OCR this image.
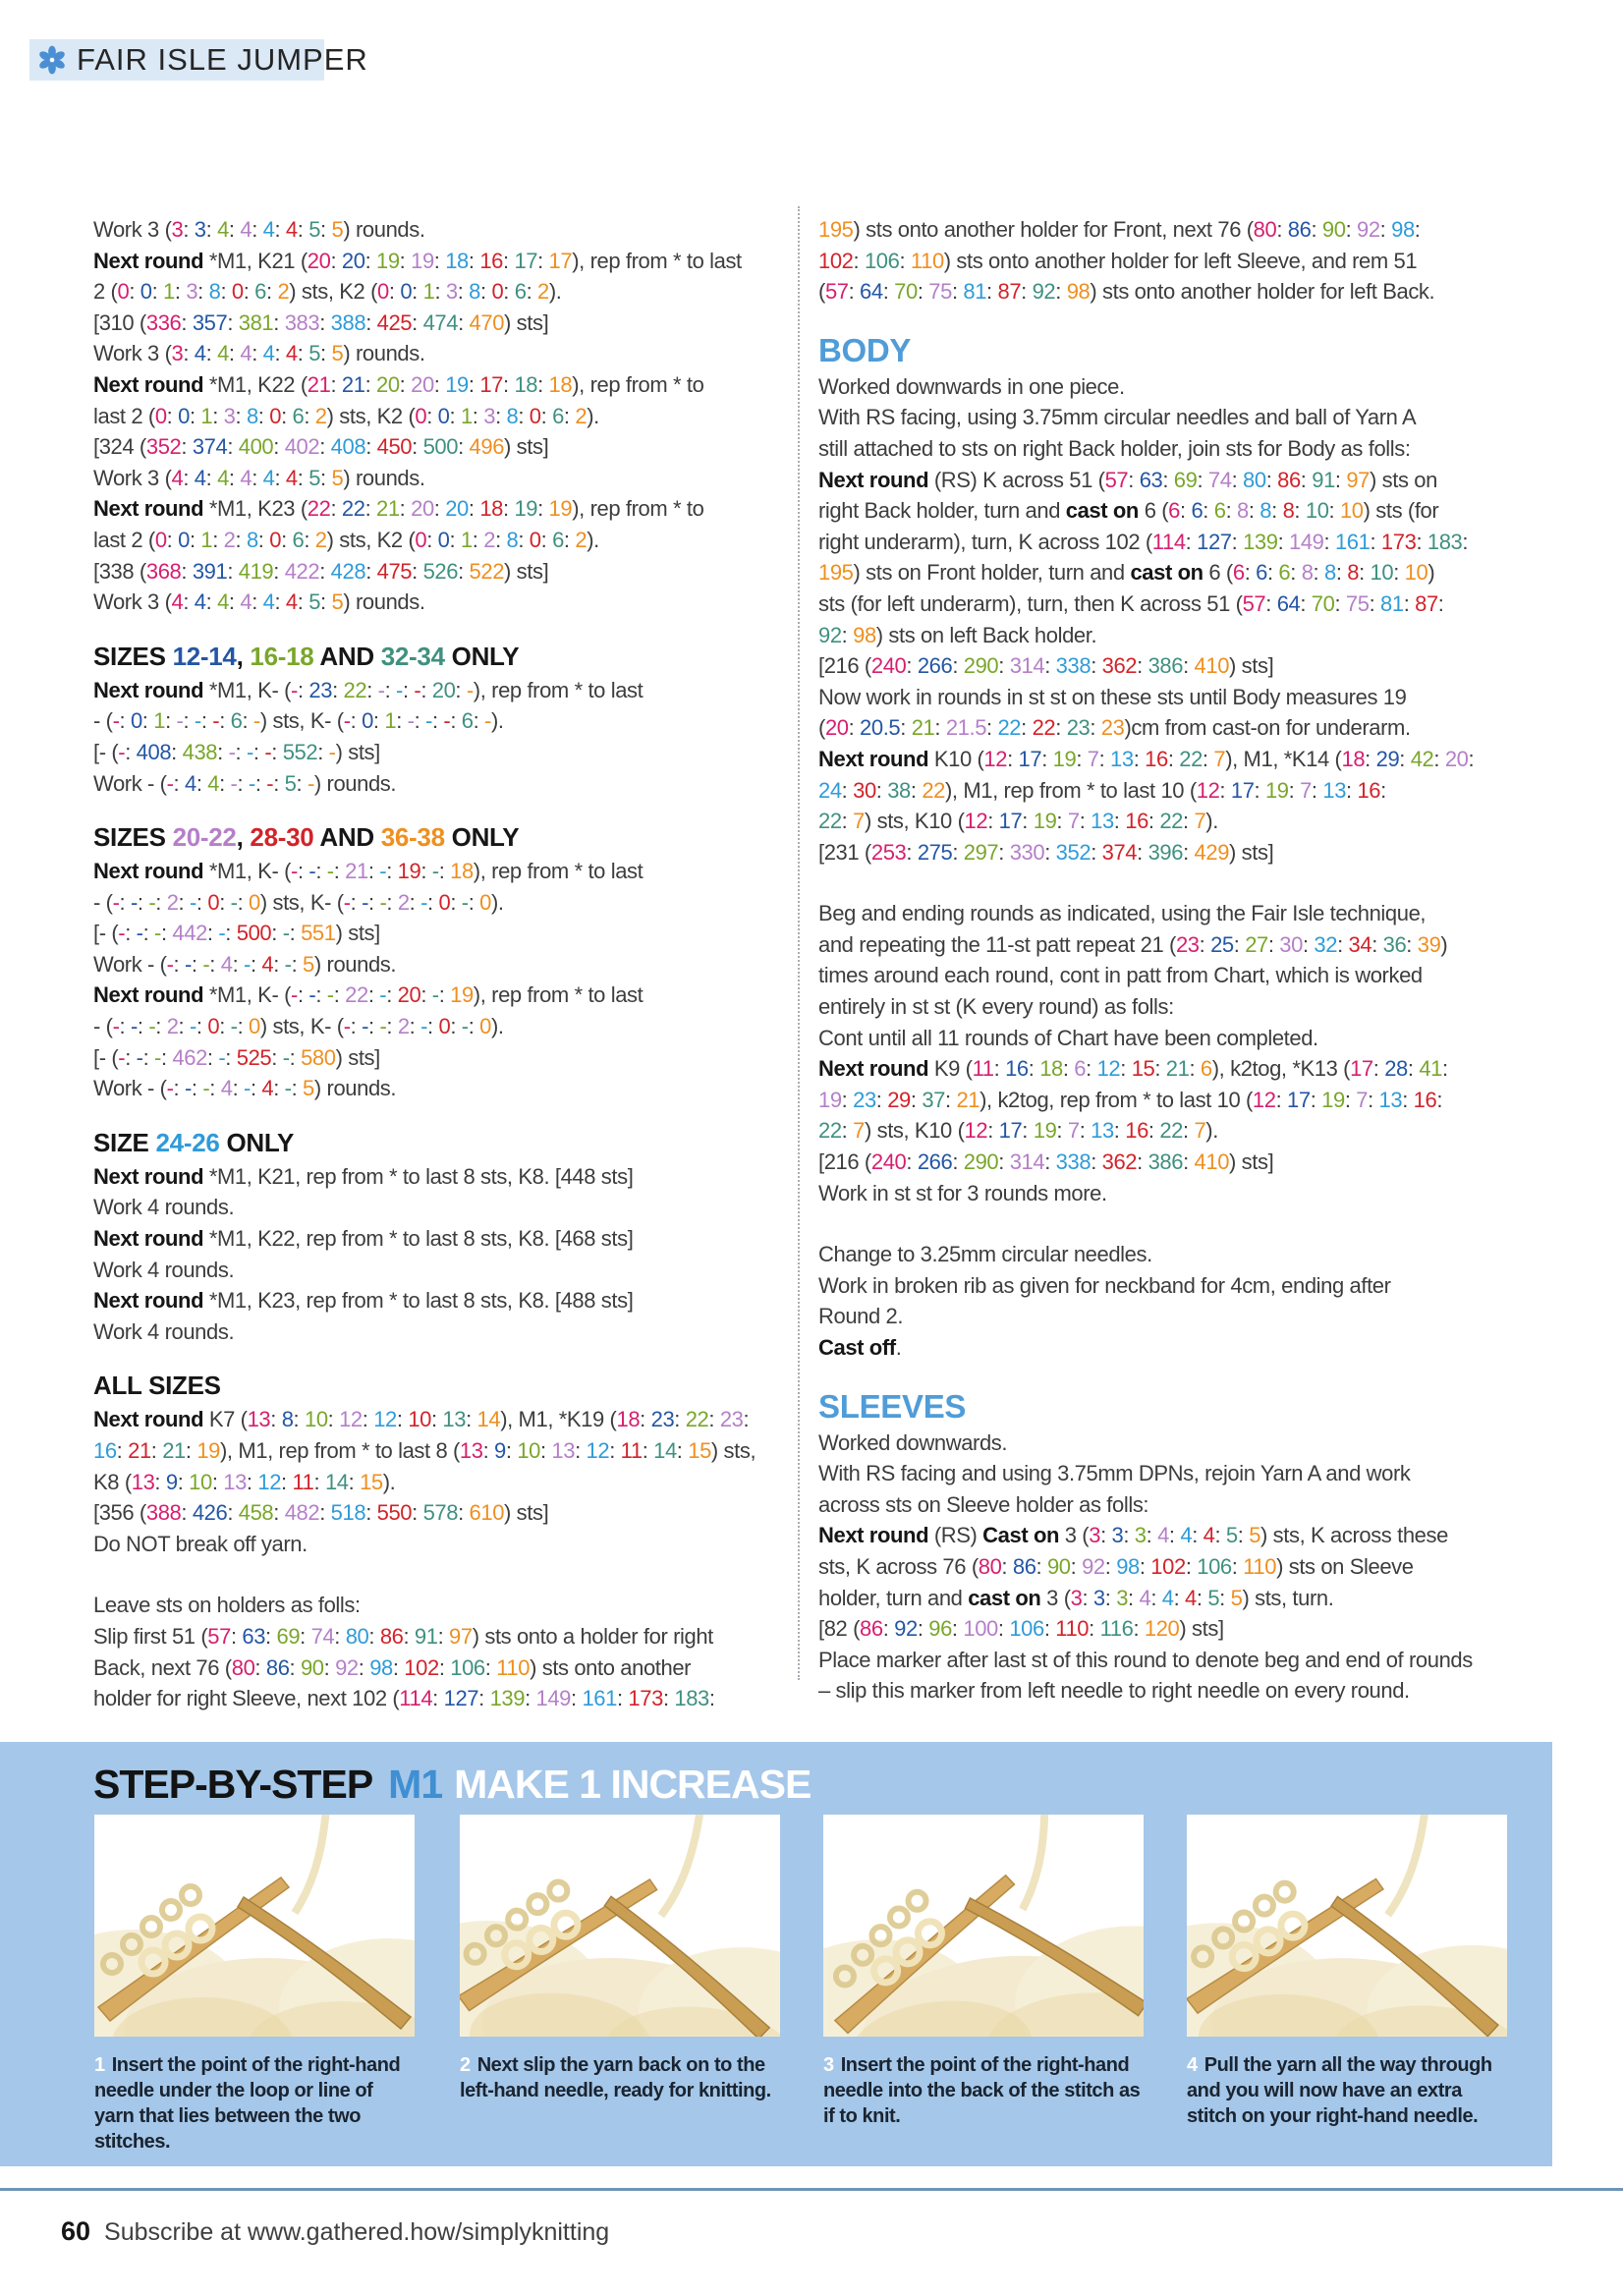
FAIR ISLE JUMPER
Work 3 (3: 3: 4: 4: 4: 4: 5: 5) rounds.
Next round *M1, K21 (20: 20: 19: 19: 18: 16: 17: 17), rep from * to last
2 (0: 0: 1: 3: 8: 0: 6: 2) sts, K2 (0: 0: 1: 3: 8: 0: 6: 2).
[310 (336: 357: 381: 383: 388: 425: 474: 470) sts]
Work 3 (3: 4: 4: 4: 4: 4: 5: 5) rounds.
Next round *M1, K22 (21: 21: 20: 20: 19: 17: 18: 18), rep from * to
last 2 (0: 0: 1: 3: 8: 0: 6: 2) sts, K2 (0: 0: 1: 3: 8: 0: 6: 2).
[324 (352: 374: 400: 402: 408: 450: 500: 496) sts]
Work 3 (4: 4: 4: 4: 4: 4: 5: 5) rounds.
Next round *M1, K23 (22: 22: 21: 20: 20: 18: 19: 19), rep from * to
last 2 (0: 0: 1: 2: 8: 0: 6: 2) sts, K2 (0: 0: 1: 2: 8: 0: 6: 2).
[338 (368: 391: 419: 422: 428: 475: 526: 522) sts]
Work 3 (4: 4: 4: 4: 4: 4: 5: 5) rounds.
SIZES 12-14, 16-18 AND 32-34 ONLY
Next round *M1, K- (-: 23: 22: -: -: -: 20: -), rep from * to last
- (-: 0: 1: -: -: -: 6: -) sts, K- (-: 0: 1: -: -: -: 6: -).
[- (-: 408: 438: -: -: -: 552: -) sts]
Work - (-: 4: 4: -: -: -: 5: -) rounds.
SIZES 20-22, 28-30 AND 36-38 ONLY
Next round *M1, K- (-: -: -: 21: -: 19: -: 18), rep from * to last
- (-: -: -: 2: -: 0: -: 0) sts, K- (-: -: -: 2: -: 0: -: 0).
[- (-: -: -: 442: -: 500: -: 551) sts]
Work - (-: -: -: 4: -: 4: -: 5) rounds.
Next round *M1, K- (-: -: -: 22: -: 20: -: 19), rep from * to last
- (-: -: -: 2: -: 0: -: 0) sts, K- (-: -: -: 2: -: 0: -: 0).
[- (-: -: -: 462: -: 525: -: 580) sts]
Work - (-: -: -: 4: -: 4: -: 5) rounds.
SIZE 24-26 ONLY
Next round *M1, K21, rep from * to last 8 sts, K8. [448 sts]
Work 4 rounds.
Next round *M1, K22, rep from * to last 8 sts, K8. [468 sts]
Work 4 rounds.
Next round *M1, K23, rep from * to last 8 sts, K8. [488 sts]
Work 4 rounds.
ALL SIZES
Next round K7 (13: 8: 10: 12: 12: 10: 13: 14), M1, *K19 (18: 23: 22: 23:
16: 21: 21: 19), M1, rep from * to last 8 (13: 9: 10: 13: 12: 11: 14: 15) sts,
K8 (13: 9: 10: 13: 12: 11: 14: 15).
[356 (388: 426: 458: 482: 518: 550: 578: 610) sts]
Do NOT break off yarn.
Leave sts on holders as folls:
Slip first 51 (57: 63: 69: 74: 80: 86: 91: 97) sts onto a holder for right
Back, next 76 (80: 86: 90: 92: 98: 102: 106: 110) sts onto another
holder for right Sleeve, next 102 (114: 127: 139: 149: 161: 173: 183:
195) sts onto another holder for Front, next 76 (80: 86: 90: 92: 98:
102: 106: 110) sts onto another holder for left Sleeve, and rem 51
(57: 64: 70: 75: 81: 87: 92: 98) sts onto another holder for left Back.
BODY
Worked downwards in one piece.
With RS facing, using 3.75mm circular needles and ball of Yarn A
still attached to sts on right Back holder, join sts for Body as folls:
Next round (RS) K across 51 (57: 63: 69: 74: 80: 86: 91: 97) sts on
right Back holder, turn and cast on 6 (6: 6: 6: 8: 8: 8: 10: 10) sts (for
right underarm), turn, K across 102 (114: 127: 139: 149: 161: 173: 183:
195) sts on Front holder, turn and cast on 6 (6: 6: 6: 8: 8: 8: 10: 10)
sts (for left underarm), turn, then K across 51 (57: 64: 70: 75: 81: 87:
92: 98) sts on left Back holder.
[216 (240: 266: 290: 314: 338: 362: 386: 410) sts]
Now work in rounds in st st on these sts until Body measures 19
(20: 20.5: 21: 21.5: 22: 22: 23: 23)cm from cast-on for underarm.
Next round K10 (12: 17: 19: 7: 13: 16: 22: 7), M1, *K14 (18: 29: 42: 20:
24: 30: 38: 22), M1, rep from * to last 10 (12: 17: 19: 7: 13: 16:
22: 7) sts, K10 (12: 17: 19: 7: 13: 16: 22: 7).
[231 (253: 275: 297: 330: 352: 374: 396: 429) sts]
Beg and ending rounds as indicated, using the Fair Isle technique,
and repeating the 11-st patt repeat 21 (23: 25: 27: 30: 32: 34: 36: 39)
times around each round, cont in patt from Chart, which is worked
entirely in st st (K every round) as folls:
Cont until all 11 rounds of Chart have been completed.
Next round K9 (11: 16: 18: 6: 12: 15: 21: 6), k2tog, *K13 (17: 28: 41:
19: 23: 29: 37: 21), k2tog, rep from * to last 10 (12: 17: 19: 7: 13: 16:
22: 7) sts, K10 (12: 17: 19: 7: 13: 16: 22: 7).
[216 (240: 266: 290: 314: 338: 362: 386: 410) sts]
Work in st st for 3 rounds more.
Change to 3.25mm circular needles.
Work in broken rib as given for neckband for 4cm, ending after
Round 2.
Cast off.
SLEEVES
Worked downwards.
With RS facing and using 3.75mm DPNs, rejoin Yarn A and work
across sts on Sleeve holder as folls:
Next round (RS) Cast on 3 (3: 3: 3: 4: 4: 4: 5: 5) sts, K across these
sts, K across 76 (80: 86: 90: 92: 98: 102: 106: 110) sts on Sleeve
holder, turn and cast on 3 (3: 3: 3: 4: 4: 4: 5: 5) sts, turn.
[82 (86: 92: 96: 100: 106: 110: 116: 120) sts]
Place marker after last st of this round to denote beg and end of rounds
– slip this marker from left needle to right needle on every round.
STEP-BY-STEP M1 MAKE 1 INCREASE
1 Insert the point of the right-hand needle under the loop or line of yarn that lies between the two stitches.
2 Next slip the yarn back on to the left-hand needle, ready for knitting.
3 Insert the point of the right-hand needle into the back of the stitch as if to knit.
4 Pull the yarn all the way through and you will now have an extra stitch on your right-hand needle.
60 Subscribe at www.gathered.how/simplyknitting
